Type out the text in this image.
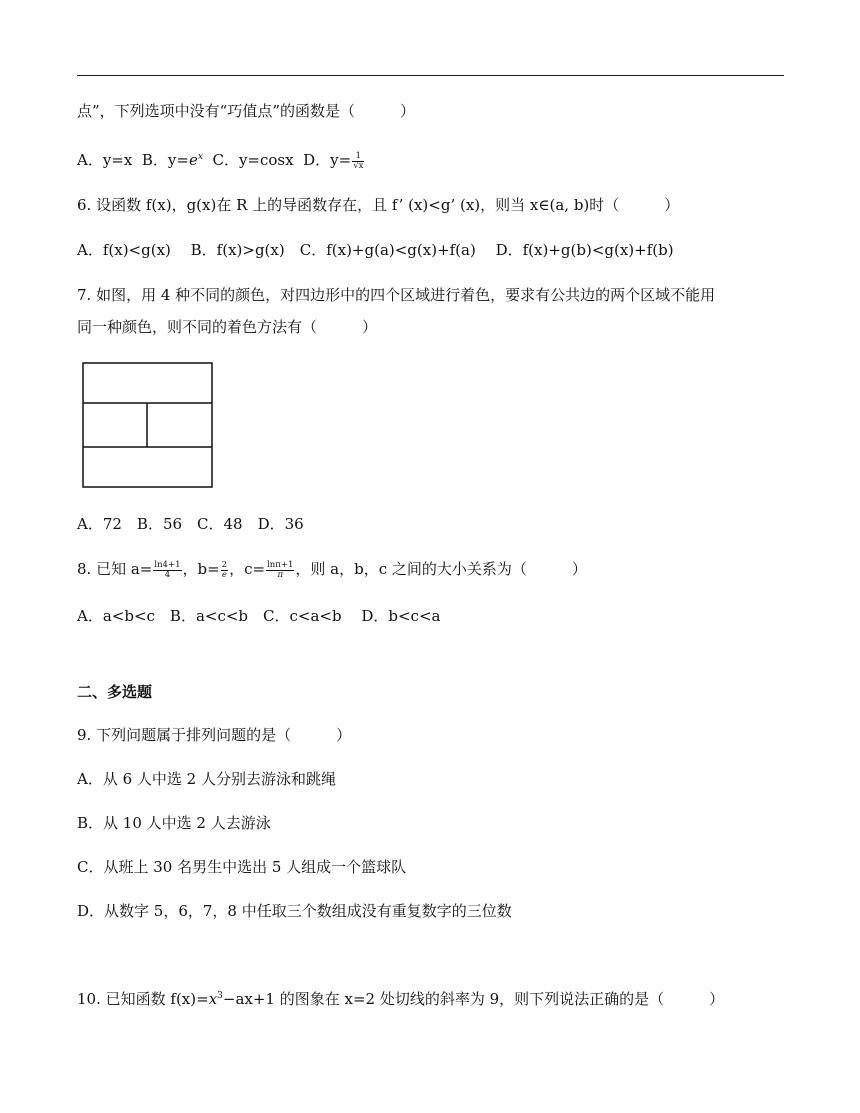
点”，下列选项中没有“巧值点”的函数是（　　　）
A．y=x B．$y=e^x$ C．y=cosx D．$y= \frac{1}{√x}$
6. 设函数 f(x)，g(x)在 R 上的导函数存在，且 f’ (x)<g’ (x)，则当 x∈(a, b)时（　　　）
A．f(x)<g(x)　 B．f(x)>g(x)　C．f(x)+g(a)<g(x)+f(a)　 D．f(x)+g(b)<g(x)+f(b)
7. 如图，用 4 种不同的颜色，对四边形中的四个区域进行着色，要求有公共边的两个区域不能用
同一种颜色，则不同的着色方法有（　　　）
A．72　B．56　C．48　D．36
8. 已知 $a= \frac{\ln 4+1}{4}$ ，$b= \frac{2}{e}$ ，$c= \frac{\ln\pi+1}{\pi}$ ，则 a，b，c 之间的大小关系为（　　　）
A．a<b<c　B．a<c<b　C．c<a<b　 D．b<c<a
二、多选题
9. 下列问题属于排列问题的是（　　　）
A．从 6 人中选 2 人分别去游泳和跳绳
B．从 10 人中选 2 人去游泳
C．从班上 30 名男生中选出 5 人组成一个篮球队
D．从数字 5，6，7，8 中任取三个数组成没有重复数字的三位数
10. 已知函数 $f(x)=x^3-ax+1$ 的图象在 x=2 处切线的斜率为 9，则下列说法正确的是（　　　）
